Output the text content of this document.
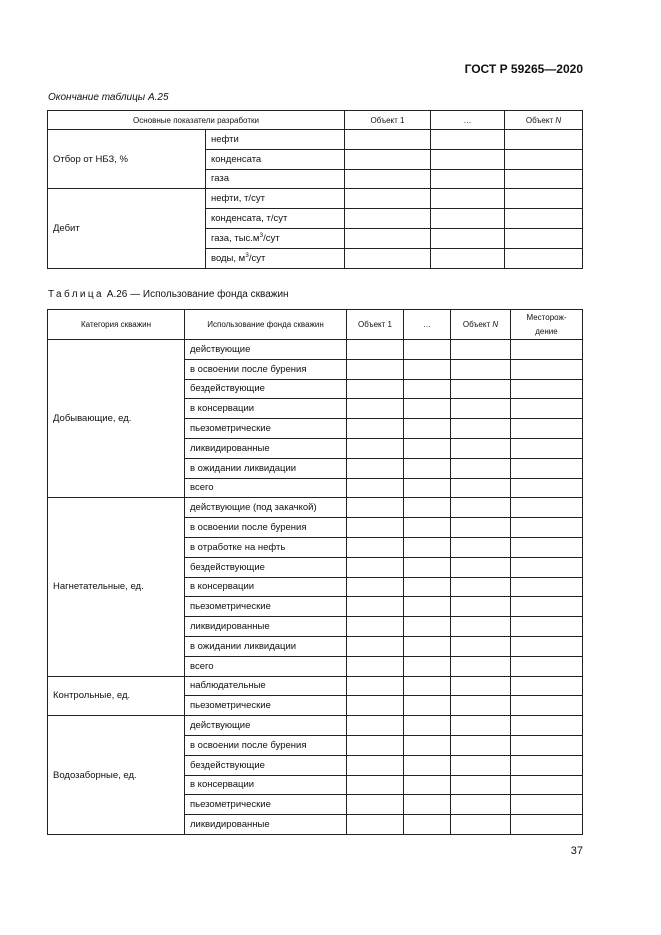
ГОСТ Р 59265—2020
Окончание таблицы А.25
Основные показатели разработки		Объект 1	…	Объект N
Отбор от НБЗ, %	нефти			
	конденсата			
	газа			
Дебит	нефти, т/сут			
	конденсата, т/сут			
	газа, $тыс.м^3$/сут			
	воды, $м^3$/сут			
Таблица А.26 — Использование фонда скважин
Категория скважин	Использование фонда скважин	Объект 1	…	Объект N	Месторож-
дение
Добывающие, ед.	действующие				
	в освоении после бурения				
	бездействующие				
	в консервации				
	пьезометрические				
	ликвидированные				
	в ожидании ликвидации				
	всего				
Нагнетательные, ед.	действующие (под закачкой)				
	в освоении после бурения				
	в отработке на нефть				
	бездействующие				
	в консервации				
	пьезометрические				
	ликвидированные				
	в ожидании ликвидации				
	всего				
Контрольные, ед.	наблюдательные				
	пьезометрические				
Водозаборные, ед.	действующие				
	в освоении после бурения				
	бездействующие				
	в консервации				
	пьезометрические				
	ликвидированные				
37
